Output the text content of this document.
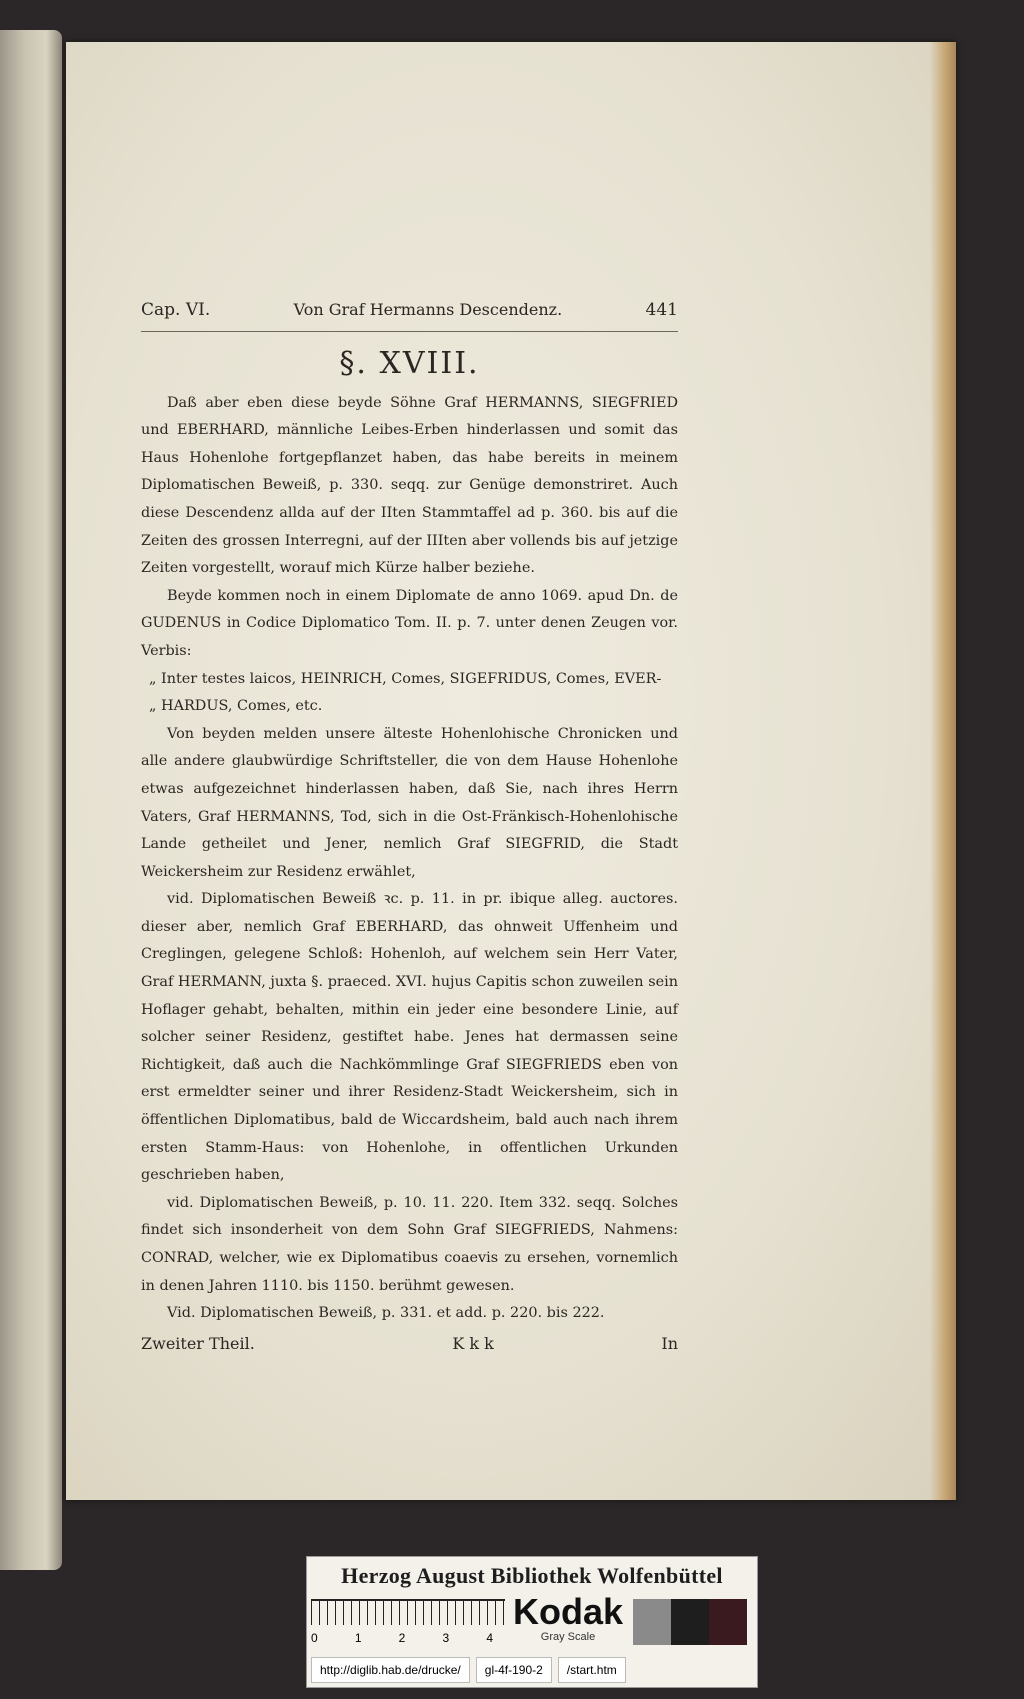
Cap. VI.	Von Graf Hermanns Descendenz.	441
§. XVIII.

Daß aber eben diese beyde Söhne Graf HERMANNS, SIEGFRIED und EBERHARD, männliche Leibes-Erben hinderlassen und somit das Haus Hohenlohe fortgepflanzet haben, das habe bereits in meinem Diplomatischen Beweiß, p. 330. seqq. zur Genüge demonstriret. Auch diese Descendenz allda auf der IIten Stammtaffel ad p. 360. bis auf die Zeiten des grossen Interregni, auf der IIIten aber vollends bis auf jetzige Zeiten vorgestellt, worauf mich Kürze halber beziehe.

Beyde kommen noch in einem Diplomate de anno 1069. apud Dn. de GUDENUS in Codice Diplomatico Tom. II. p. 7. unter denen Zeugen vor. Verbis:

„ Inter testes laicos, HEINRICH, Comes, SIGEFRIDUS, Comes, EVER-

„ HARDUS, Comes, etc.

Von beyden melden unsere älteste Hohenlohische Chronicken und alle andere glaubwürdige Schriftsteller, die von dem Hause Hohenlohe etwas aufgezeichnet hinderlassen haben, daß Sie, nach ihres Herrn Vaters, Graf HERMANNS, Tod, sich in die Ost-Fränkisch-Hohenlohische Lande getheilet und Jener, nemlich Graf SIEGFRID, die Stadt Weickersheim zur Residenz erwählet,

vid. Diplomatischen Beweiß ꝛc. p. 11. in pr. ibique alleg. auctores. dieser aber, nemlich Graf EBERHARD, das ohnweit Uffenheim und Creglingen, gelegene Schloß: Hohenloh, auf welchem sein Herr Vater, Graf HERMANN, juxta §. praeced. XVI. hujus Capitis schon zuweilen sein Hoflager gehabt, behalten, mithin ein jeder eine besondere Linie, auf solcher seiner Residenz, gestiftet habe. Jenes hat dermassen seine Richtigkeit, daß auch die Nachkömmlinge Graf SIEGFRIEDS eben von erst ermeldter seiner und ihrer Residenz-Stadt Weickersheim, sich in öffentlichen Diplomatibus, bald de Wiccardsheim, bald auch nach ihrem ersten Stamm-Haus: von Hohenlohe, in offentlichen Urkunden geschrieben haben,

vid. Diplomatischen Beweiß, p. 10. 11. 220. Item 332. seqq. Solches findet sich insonderheit von dem Sohn Graf SIEGFRIEDS, Nahmens: CONRAD, welcher, wie ex Diplomatibus coaevis zu ersehen, vornemlich in denen Jahren 1110. bis 1150. berühmt gewesen.

Vid. Diplomatischen Beweiß, p. 331. et add. p. 220. bis 222.

Zweiter Theil.	K k k	In
Herzog August Bibliothek Wolfenbüttel
0	1	2	3	4
Kodak
Gray Scale
http://diglib.hab.de/drucke/	gl-4f-190-2	/start.htm
